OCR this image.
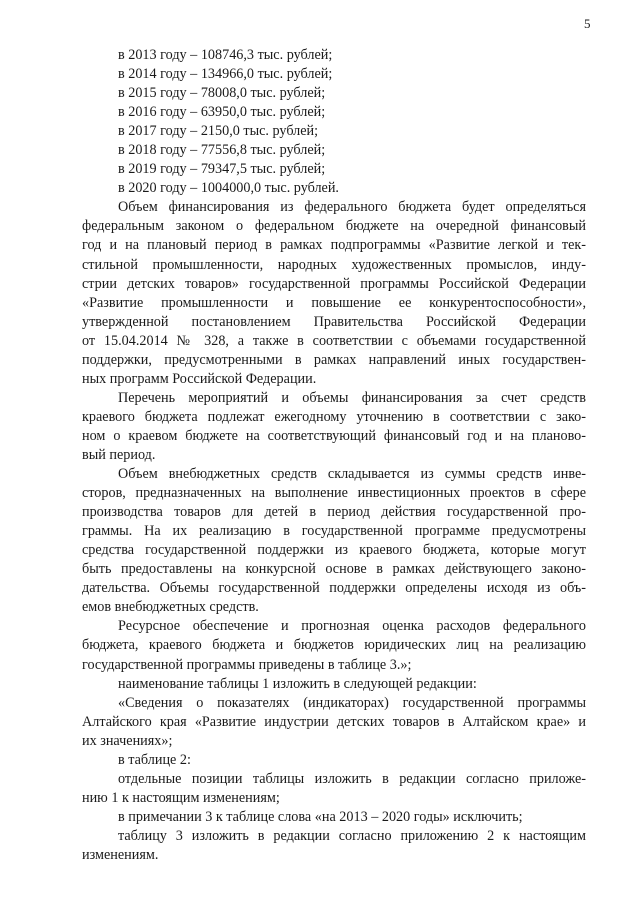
5
в 2013 году – 108746,3 тыс. рублей;
в 2014 году – 134966,0 тыс. рублей;
в 2015 году – 78008,0 тыс. рублей;
в 2016 году – 63950,0 тыс. рублей;
в 2017 году – 2150,0 тыс. рублей;
в 2018 году – 77556,8 тыс. рублей;
в 2019 году – 79347,5 тыс. рублей;
в 2020 году – 1004000,0 тыс. рублей.
Объем финансирования из федерального бюджета будет определяться
федеральным законом о федеральном бюджете на очередной финансовый
год и на плановый период в рамках подпрограммы «Развитие легкой и тек-
стильной промышленности, народных художественных промыслов, инду-
стрии детских товаров» государственной программы Российской Федерации
«Развитие промышленности и повышение ее конкурентоспособности»,
утвержденной постановлением Правительства Российской Федерации
от 15.04.2014 № 328, а также в соответствии с объемами государственной
поддержки, предусмотренными в рамках направлений иных государствен-
ных программ Российской Федерации.
Перечень мероприятий и объемы финансирования за счет средств
краевого бюджета подлежат ежегодному уточнению в соответствии с зако-
ном о краевом бюджете на соответствующий финансовый год и на планово-
вый период.
Объем внебюджетных средств складывается из суммы средств инве-
сторов, предназначенных на выполнение инвестиционных проектов в сфере
производства товаров для детей в период действия государственной про-
граммы. На их реализацию в государственной программе предусмотрены
средства государственной поддержки из краевого бюджета, которые могут
быть предоставлены на конкурсной основе в рамках действующего законо-
дательства. Объемы государственной поддержки определены исходя из объ-
емов внебюджетных средств.
Ресурсное обеспечение и прогнозная оценка расходов федерального
бюджета, краевого бюджета и бюджетов юридических лиц на реализацию
государственной программы приведены в таблице 3.»;
наименование таблицы 1 изложить в следующей редакции:
«Сведения о показателях (индикаторах) государственной программы
Алтайского края «Развитие индустрии детских товаров в Алтайском крае» и
их значениях»;
в таблице 2:
отдельные позиции таблицы изложить в редакции согласно приложе-
нию 1 к настоящим изменениям;
в примечании 3 к таблице слова «на 2013 – 2020 годы» исключить;
таблицу 3 изложить в редакции согласно приложению 2 к настоящим
изменениям.
